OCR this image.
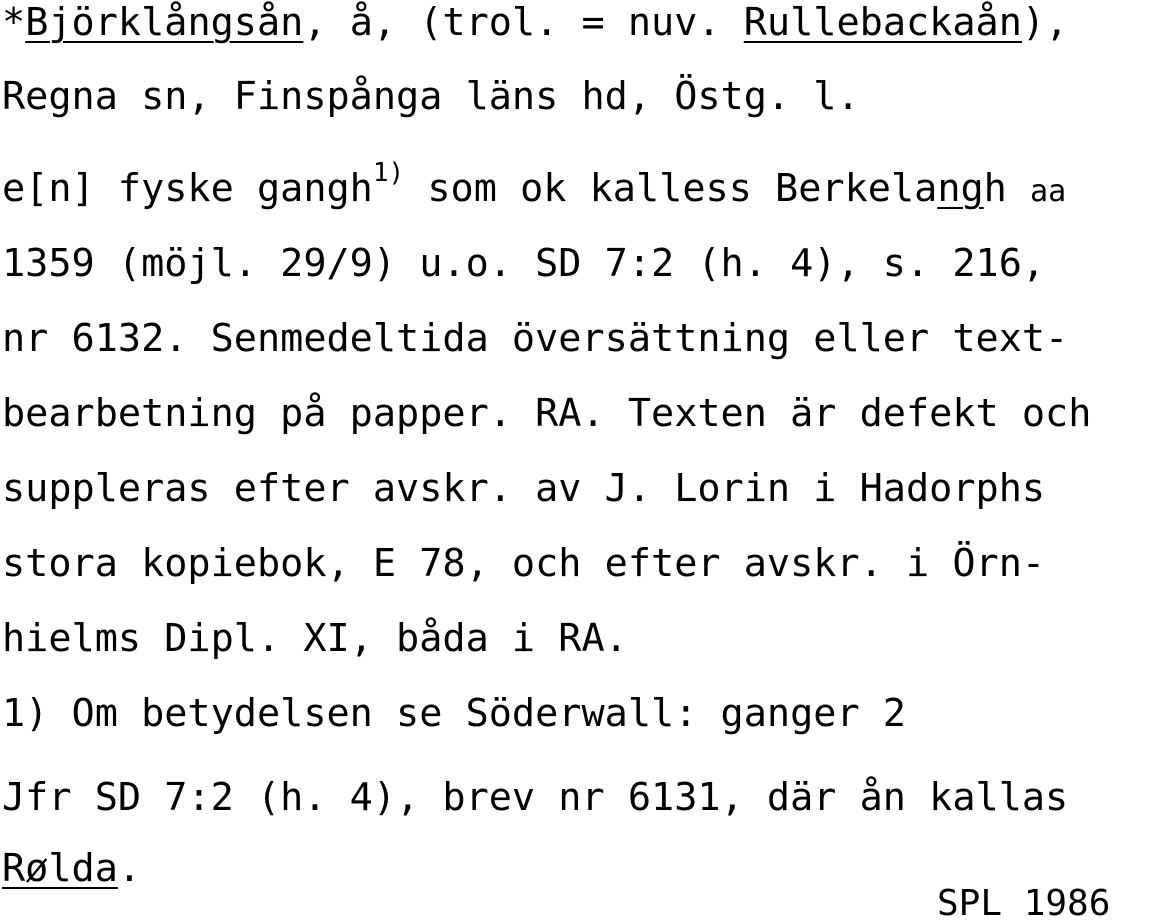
*Björklångsån, å, (trol. = nuv. Rullebackaån),
Regna sn, Finspånga läns hd, Östg. l.
e[n] fyske gangh$^{1)}$ som ok kalless Berkelangh aa
1359 (möjl. 29/9) u.o. SD 7:2 (h. 4), s. 216,
nr 6132. Senmedeltida översättning eller text-
bearbetning på papper. RA. Texten är defekt och
suppleras efter avskr. av J. Lorin i Hadorphs
stora kopiebok, E 78, och efter avskr. i Örn-
hielms Dipl. XI, båda i RA.
1) Om betydelsen se Söderwall: ganger 2
Jfr SD 7:2 (h. 4), brev nr 6131, där ån kallas
Rølda.
SPL 1986
